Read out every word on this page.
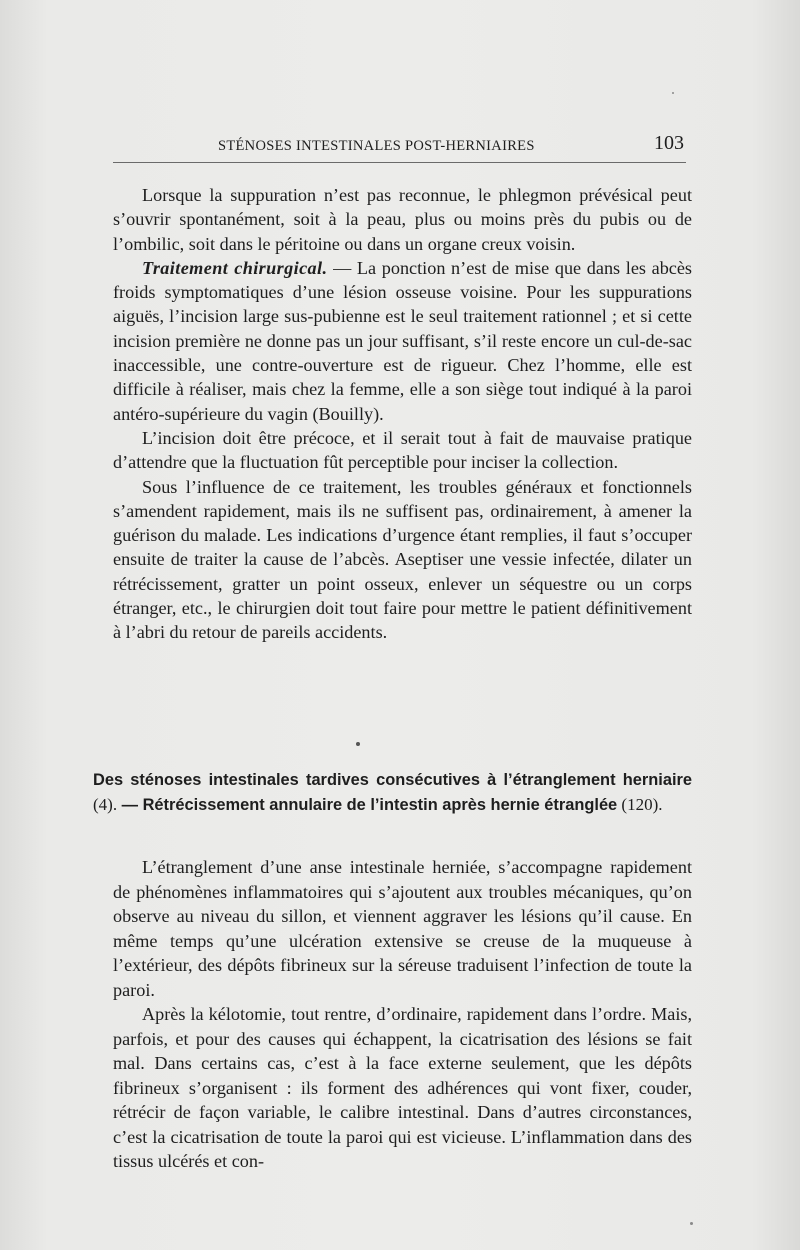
STÉNOSES INTESTINALES POST-HERNIAIRES	103

Lorsque la suppuration n’est pas reconnue, le phlegmon prévésical peut s’ouvrir spontanément, soit à la peau, plus ou moins près du pubis ou de l’ombilic, soit dans le péritoine ou dans un organe creux voisin.

Traitement chirurgical. — La ponction n’est de mise que dans les abcès froids symptomatiques d’une lésion osseuse voisine. Pour les suppurations aiguës, l’incision large sus-pubienne est le seul traitement rationnel ; et si cette incision première ne donne pas un jour suffisant, s’il reste encore un cul-de-sac inaccessible, une contre-ouverture est de rigueur. Chez l’homme, elle est difficile à réaliser, mais chez la femme, elle a son siège tout indiqué à la paroi antéro-supérieure du vagin (Bouilly).

L’incision doit être précoce, et il serait tout à fait de mauvaise pratique d’attendre que la fluctuation fût perceptible pour inciser la collection.

Sous l’influence de ce traitement, les troubles généraux et fonctionnels s’amendent rapidement, mais ils ne suffisent pas, ordinairement, à amener la guérison du malade. Les indications d’urgence étant remplies, il faut s’occuper ensuite de traiter la cause de l’abcès. Aseptiser une vessie infectée, dilater un rétrécissement, gratter un point osseux, enlever un séquestre ou un corps étranger, etc., le chirurgien doit tout faire pour mettre le patient définitivement à l’abri du retour de pareils accidents.

Des sténoses intestinales tardives consécutives à l’étranglement herniaire (4). — Rétrécissement annulaire de l’intestin après hernie étranglée (120).

L’étranglement d’une anse intestinale herniée, s’accompagne rapidement de phénomènes inflammatoires qui s’ajoutent aux troubles mécaniques, qu’on observe au niveau du sillon, et viennent aggraver les lésions qu’il cause. En même temps qu’une ulcération extensive se creuse de la muqueuse à l’extérieur, des dépôts fibrineux sur la séreuse traduisent l’infection de toute la paroi.

Après la kélotomie, tout rentre, d’ordinaire, rapidement dans l’ordre. Mais, parfois, et pour des causes qui échappent, la cicatrisation des lésions se fait mal. Dans certains cas, c’est à la face externe seulement, que les dépôts fibrineux s’organisent : ils forment des adhérences qui vont fixer, couder, rétrécir de façon variable, le calibre intestinal. Dans d’autres circonstances, c’est la cicatrisation de toute la paroi qui est vicieuse. L’inflammation dans des tissus ulcérés et con-
